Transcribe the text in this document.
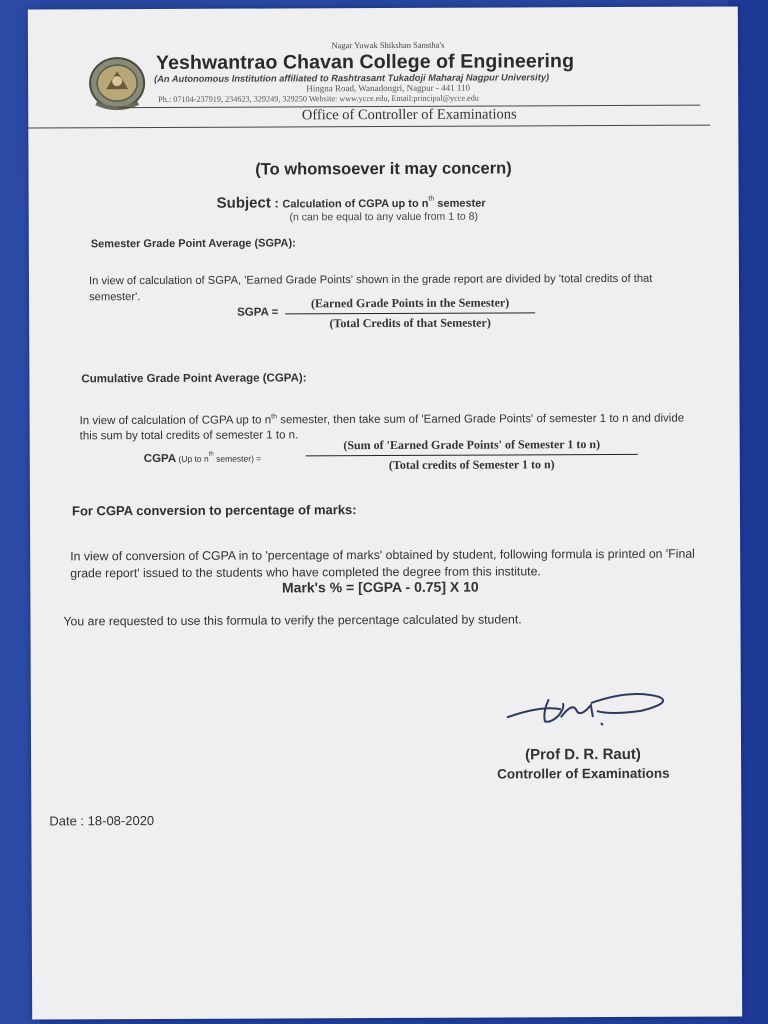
Nagar Yuwak Shikshan Sanstha's

Yeshwantrao Chavan College of Engineering

(An Autonomous Institution affiliated to Rashtrasant Tukadoji Maharaj Nagpur University)

Hingna Road, Wanadongri, Nagpur - 441 110

Ph.: 07104-237919, 234623, 329249, 329250 Website: www.ycce.edu, Email:principal@ycce.edu

Office of Controller of Examinations

(To whomsoever it may concern)

Subject : Calculation of CGPA up to $n^{th}$ semester

(n can be equal to any value from 1 to 8)

Semester Grade Point Average (SGPA):

In view of calculation of SGPA, 'Earned Grade Points' shown in the grade report are divided by 'total credits of that semester'.

SGPA =

(Earned Grade Points in the Semester)

(Total Credits of that Semester)

Cumulative Grade Point Average (CGPA):

In view of calculation of CGPA up to $n^{th}$ semester, then take sum of 'Earned Grade Points' of semester 1 to n and divide this sum by total credits of semester 1 to n.

CGPA (Up to $n^{th}$ semester) =

(Sum of 'Earned Grade Points' of Semester 1 to n)

(Total credits of Semester 1 to n)

For CGPA conversion to percentage of marks:

In view of conversion of CGPA in to 'percentage of marks' obtained by student, following formula is printed on 'Final grade report' issued to the students who have completed the degree from this institute.

Mark's % = [CGPA - 0.75] X 10

You are requested to use this formula to verify the percentage calculated by student.

(Prof D. R. Raut)

Controller of Examinations

Date : 18-08-2020
